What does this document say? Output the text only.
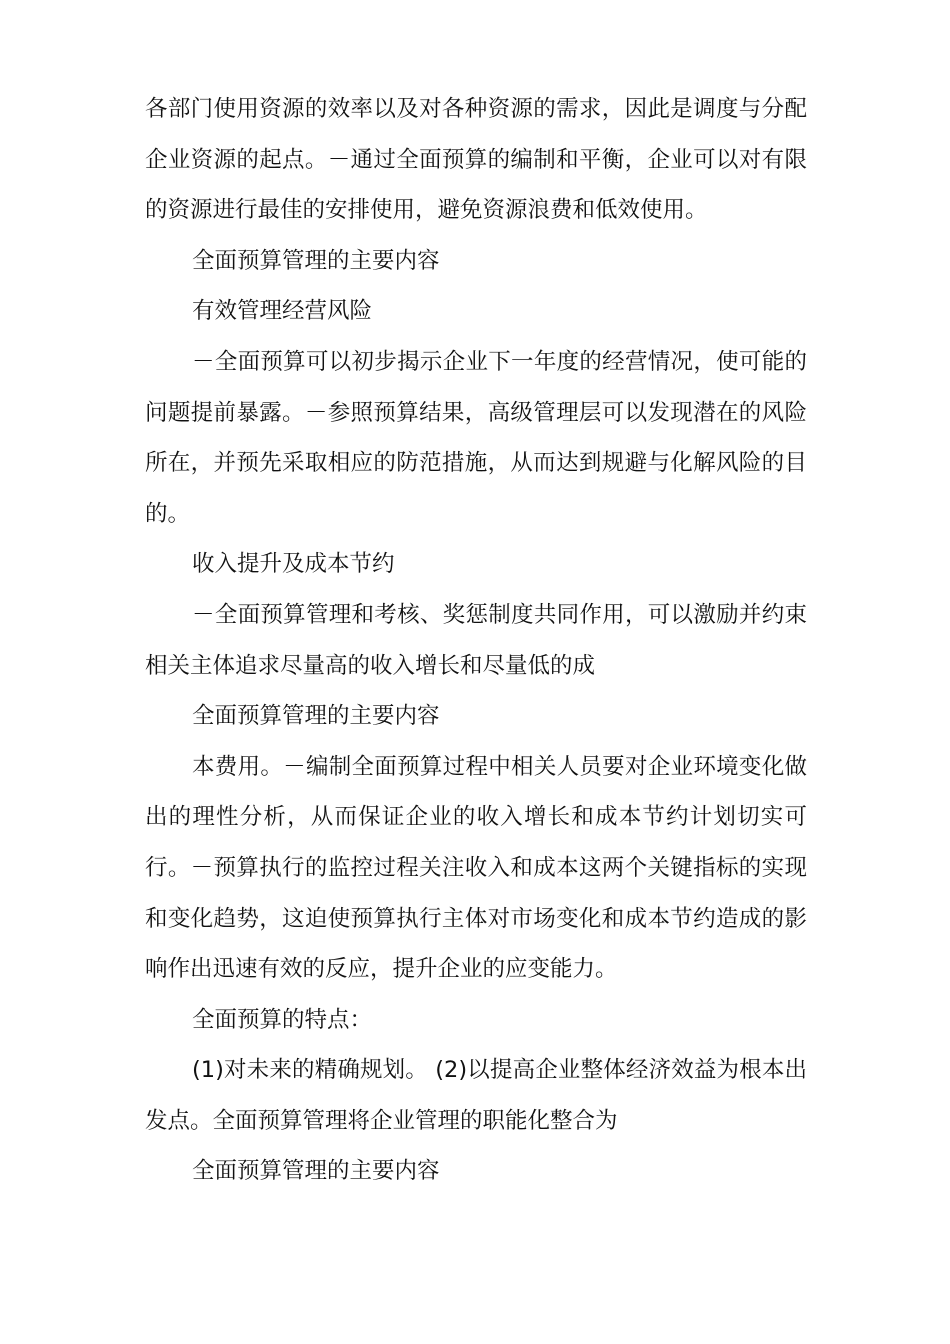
各部门使用资源的效率以及对各种资源的需求，因此是调度与分配企业资源的起点。－通过全面预算的编制和平衡，企业可以对有限的资源进行最佳的安排使用，避免资源浪费和低效使用。

全面预算管理的主要内容

有效管理经营风险

－全面预算可以初步揭示企业下一年度的经营情况，使可能的问题提前暴露。－参照预算结果，高级管理层可以发现潜在的风险所在，并预先采取相应的防范措施，从而达到规避与化解风险的目的。

收入提升及成本节约

－全面预算管理和考核、奖惩制度共同作用，可以激励并约束相关主体追求尽量高的收入增长和尽量低的成

全面预算管理的主要内容

本费用。－编制全面预算过程中相关人员要对企业环境变化做出的理性分析，从而保证企业的收入增长和成本节约计划切实可行。－预算执行的监控过程关注收入和成本这两个关键指标的实现和变化趋势，这迫使预算执行主体对市场变化和成本节约造成的影响作出迅速有效的反应，提升企业的应变能力。

全面预算的特点：

(1)对未来的精确规划。 (2)以提高企业整体经济效益为根本出发点。全面预算管理将企业管理的职能化整合为

全面预算管理的主要内容
